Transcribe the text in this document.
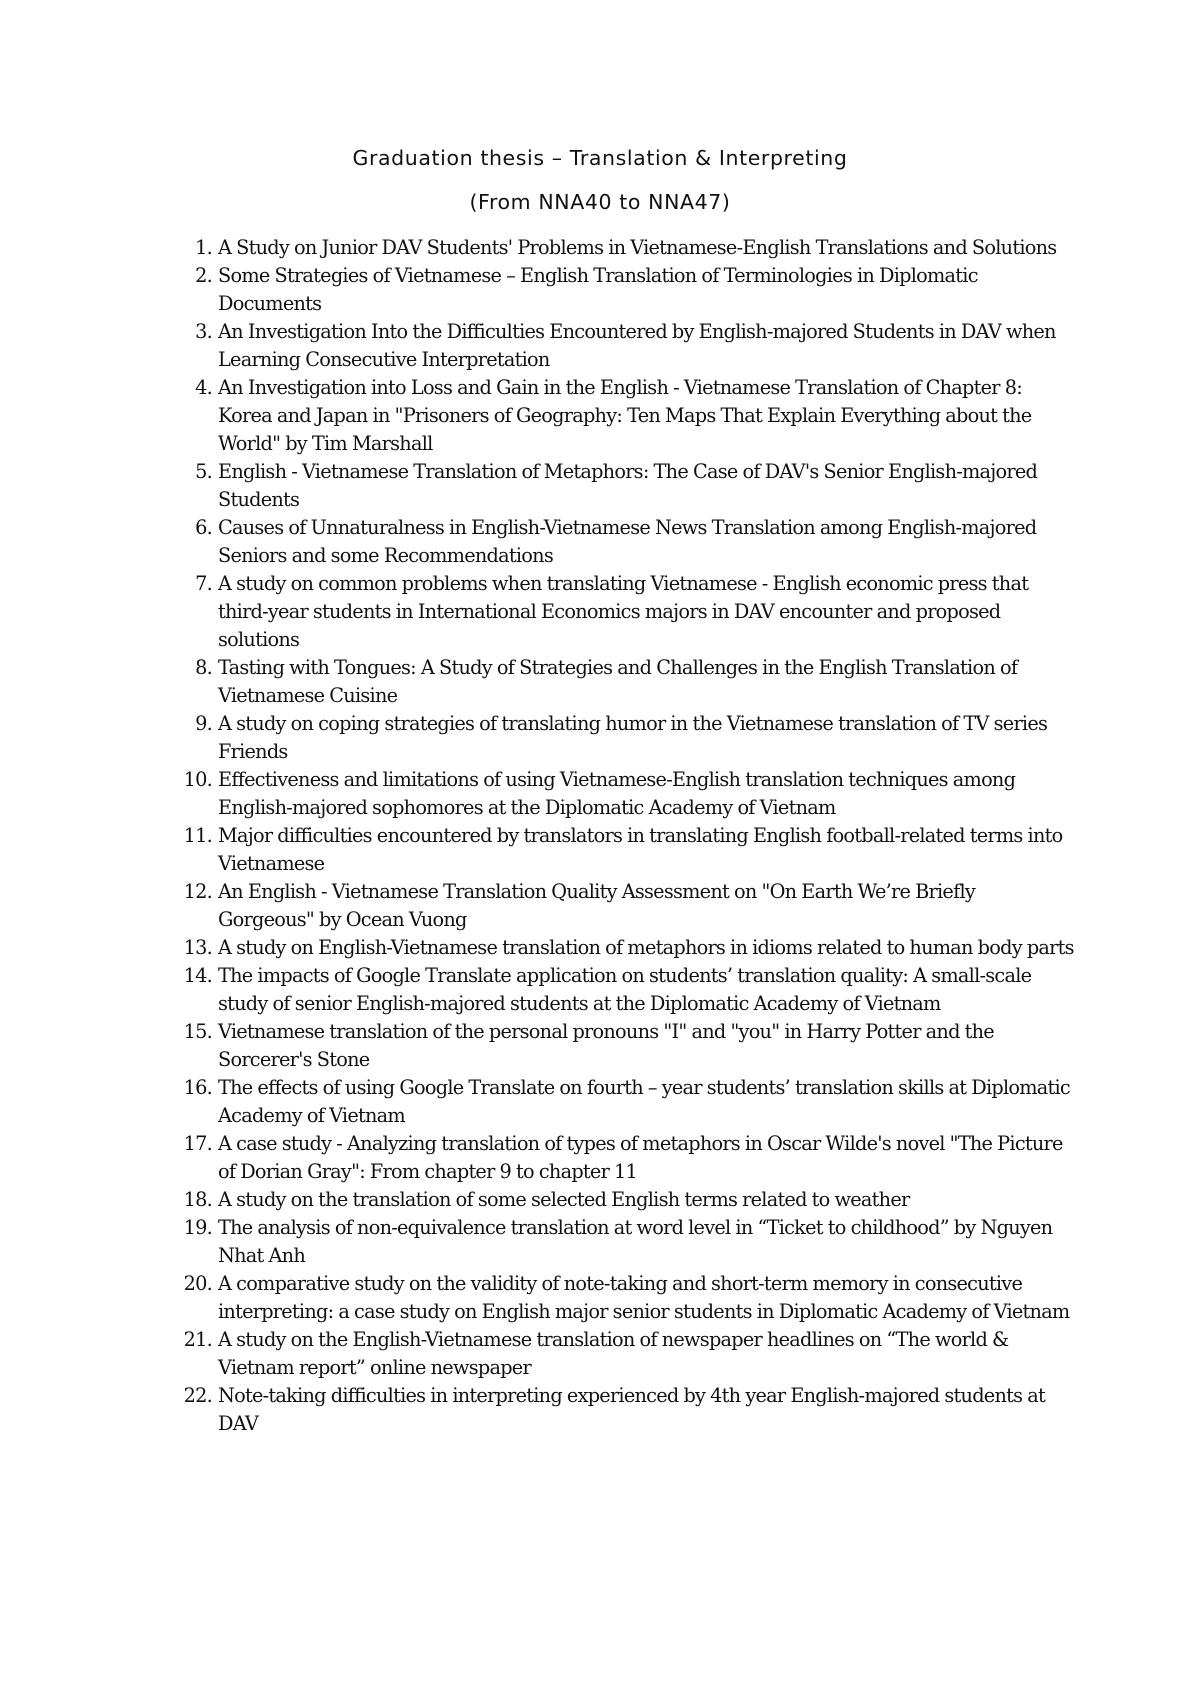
Graduation thesis – Translation & Interpreting
(From NNA40 to NNA47)
1. A Study on Junior DAV Students' Problems in Vietnamese-English Translations and Solutions
2. Some Strategies of Vietnamese – English Translation of Terminologies in Diplomatic Documents
3. An Investigation Into the Difficulties Encountered by English-majored Students in DAV when Learning Consecutive Interpretation
4. An Investigation into Loss and Gain in the English - Vietnamese Translation of Chapter 8: Korea and Japan in "Prisoners of Geography: Ten Maps That Explain Everything about the World" by Tim Marshall
5. English - Vietnamese Translation of Metaphors: The Case of DAV's Senior English-majored Students
6. Causes of Unnaturalness in English-Vietnamese News Translation among English-majored Seniors and some Recommendations
7. A study on common problems when translating Vietnamese - English economic press that third-year students in International Economics majors in DAV encounter and proposed solutions
8. Tasting with Tongues: A Study of Strategies and Challenges in the English Translation of Vietnamese Cuisine
9. A study on coping strategies of translating humor in the Vietnamese translation of TV series Friends
10. Effectiveness and limitations of using Vietnamese-English translation techniques among English-majored sophomores at the Diplomatic Academy of Vietnam
11. Major difficulties encountered by translators in translating English football-related terms into Vietnamese
12. An English - Vietnamese Translation Quality Assessment on "On Earth We’re Briefly Gorgeous" by Ocean Vuong
13. A study on English-Vietnamese translation of metaphors in idioms related to human body parts
14. The impacts of Google Translate application on students’ translation quality: A small-scale study of senior English-majored students at the Diplomatic Academy of Vietnam
15. Vietnamese translation of the personal pronouns "I" and "you" in Harry Potter and the Sorcerer's Stone
16. The effects of using Google Translate on fourth – year students’ translation skills at Diplomatic Academy of Vietnam
17. A case study - Analyzing translation of types of metaphors in Oscar Wilde's novel "The Picture of Dorian Gray": From chapter 9 to chapter 11
18. A study on the translation of some selected English terms related to weather
19. The analysis of non-equivalence translation at word level in “Ticket to childhood” by Nguyen Nhat Anh
20. A comparative study on the validity of note-taking and short-term memory in consecutive interpreting: a case study on English major senior students in Diplomatic Academy of Vietnam
21. A study on the English-Vietnamese translation of newspaper headlines on “The world & Vietnam report” online newspaper
22. Note-taking difficulties in interpreting experienced by 4th year English-majored students at DAV
